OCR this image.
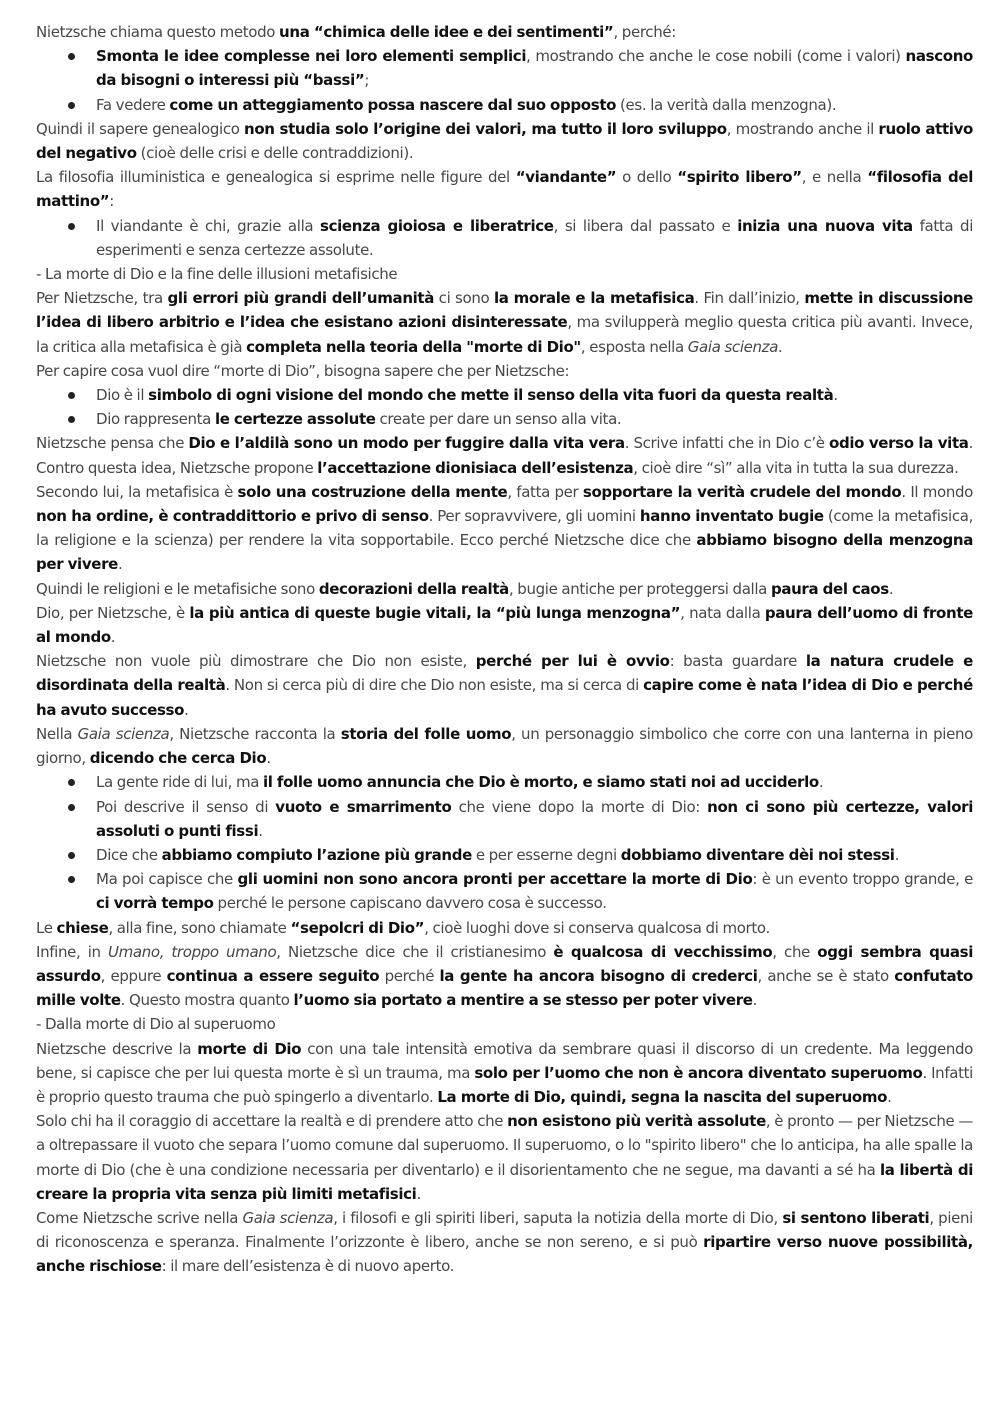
Nietzsche chiama questo metodo una “chimica delle idee e dei sentimenti”, perché:

Smonta le idee complesse nei loro elementi semplici, mostrando che anche le cose nobili (come i valori) nascono da bisogni o interessi più “bassi”;
Fa vedere come un atteggiamento possa nascere dal suo opposto (es. la verità dalla menzogna).

Quindi il sapere genealogico non studia solo l’origine dei valori, ma tutto il loro sviluppo, mostrando anche il ruolo attivo del negativo (cioè delle crisi e delle contraddizioni).

La filosofia illuministica e genealogica si esprime nelle figure del “viandante” o dello “spirito libero”, e nella “filosofia del mattino”:

Il viandante è chi, grazie alla scienza gioiosa e liberatrice, si libera dal passato e inizia una nuova vita fatta di esperimenti e senza certezze assolute.

- La morte di Dio e la fine delle illusioni metafisiche

Per Nietzsche, tra gli errori più grandi dell’umanità ci sono la morale e la metafisica. Fin dall’inizio, mette in discussione l’idea di libero arbitrio e l’idea che esistano azioni disinteressate, ma svilupperà meglio questa critica più avanti. Invece, la critica alla metafisica è già completa nella teoria della "morte di Dio", esposta nella Gaia scienza.

Per capire cosa vuol dire “morte di Dio”, bisogna sapere che per Nietzsche:

Dio è il simbolo di ogni visione del mondo che mette il senso della vita fuori da questa realtà.
Dio rappresenta le certezze assolute create per dare un senso alla vita.

Nietzsche pensa che Dio e l’aldilà sono un modo per fuggire dalla vita vera. Scrive infatti che in Dio c’è odio verso la vita. Contro questa idea, Nietzsche propone l’accettazione dionisiaca dell’esistenza, cioè dire “sì” alla vita in tutta la sua durezza.

Secondo lui, la metafisica è solo una costruzione della mente, fatta per sopportare la verità crudele del mondo. Il mondo non ha ordine, è contraddittorio e privo di senso. Per sopravvivere, gli uomini hanno inventato bugie (come la metafisica, la religione e la scienza) per rendere la vita sopportabile. Ecco perché Nietzsche dice che abbiamo bisogno della menzogna per vivere.

Quindi le religioni e le metafisiche sono decorazioni della realtà, bugie antiche per proteggersi dalla paura del caos.

Dio, per Nietzsche, è la più antica di queste bugie vitali, la “più lunga menzogna”, nata dalla paura dell’uomo di fronte al mondo.

Nietzsche non vuole più dimostrare che Dio non esiste, perché per lui è ovvio: basta guardare la natura crudele e disordinata della realtà. Non si cerca più di dire che Dio non esiste, ma si cerca di capire come è nata l’idea di Dio e perché ha avuto successo.

Nella Gaia scienza, Nietzsche racconta la storia del folle uomo, un personaggio simbolico che corre con una lanterna in pieno giorno, dicendo che cerca Dio.

La gente ride di lui, ma il folle uomo annuncia che Dio è morto, e siamo stati noi ad ucciderlo.
Poi descrive il senso di vuoto e smarrimento che viene dopo la morte di Dio: non ci sono più certezze, valori assoluti o punti fissi.
Dice che abbiamo compiuto l’azione più grande e per esserne degni dobbiamo diventare dèi noi stessi.
Ma poi capisce che gli uomini non sono ancora pronti per accettare la morte di Dio: è un evento troppo grande, e ci vorrà tempo perché le persone capiscano davvero cosa è successo.

Le chiese, alla fine, sono chiamate “sepolcri di Dio”, cioè luoghi dove si conserva qualcosa di morto.

Infine, in Umano, troppo umano, Nietzsche dice che il cristianesimo è qualcosa di vecchissimo, che oggi sembra quasi assurdo, eppure continua a essere seguito perché la gente ha ancora bisogno di crederci, anche se è stato confutato mille volte. Questo mostra quanto l’uomo sia portato a mentire a se stesso per poter vivere.

- Dalla morte di Dio al superuomo

Nietzsche descrive la morte di Dio con una tale intensità emotiva da sembrare quasi il discorso di un credente. Ma leggendo bene, si capisce che per lui questa morte è sì un trauma, ma solo per l’uomo che non è ancora diventato superuomo. Infatti è proprio questo trauma che può spingerlo a diventarlo. La morte di Dio, quindi, segna la nascita del superuomo.

Solo chi ha il coraggio di accettare la realtà e di prendere atto che non esistono più verità assolute, è pronto — per Nietzsche — a oltrepassare il vuoto che separa l’uomo comune dal superuomo. Il superuomo, o lo "spirito libero" che lo anticipa, ha alle spalle la morte di Dio (che è una condizione necessaria per diventarlo) e il disorientamento che ne segue, ma davanti a sé ha la libertà di creare la propria vita senza più limiti metafisici.

Come Nietzsche scrive nella Gaia scienza, i filosofi e gli spiriti liberi, saputa la notizia della morte di Dio, si sentono liberati, pieni di riconoscenza e speranza. Finalmente l’orizzonte è libero, anche se non sereno, e si può ripartire verso nuove possibilità, anche rischiose: il mare dell’esistenza è di nuovo aperto.
